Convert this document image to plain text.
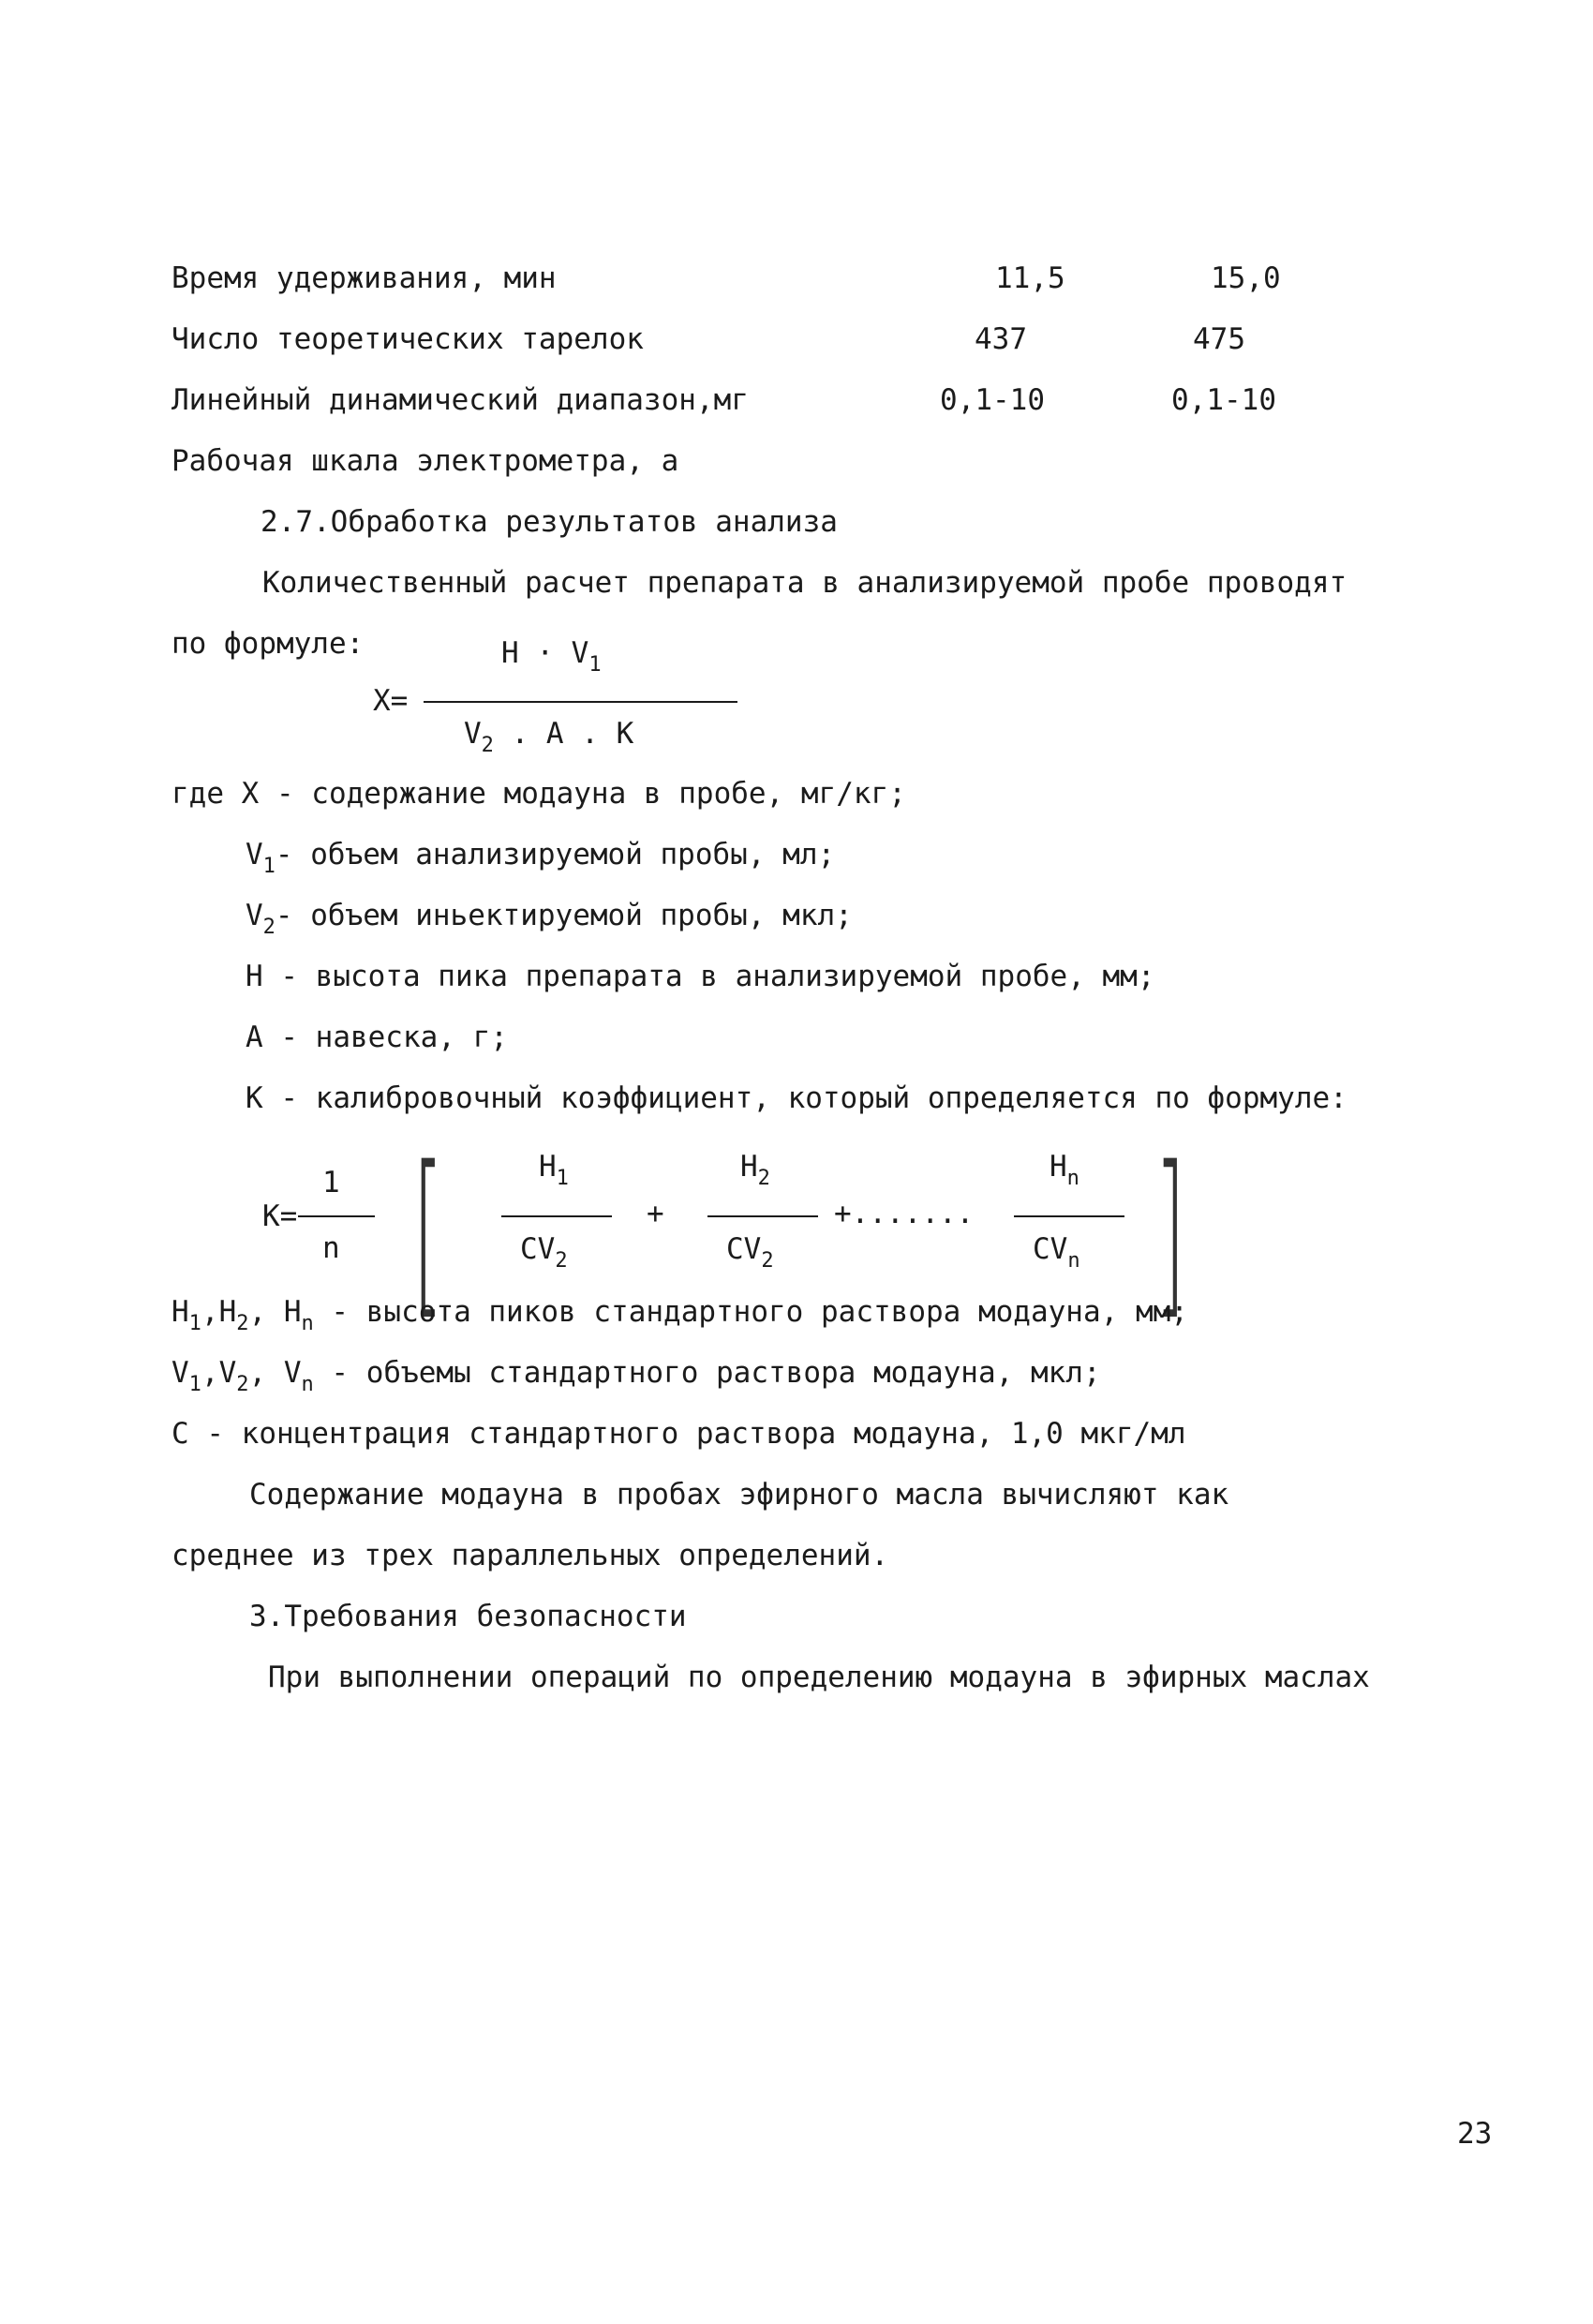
Время удерживания, мин	11,5	15,0
Число теоретических тарелок	437	475
Линейный динамический диапазон,мг	0,1-10	0,1-10
Рабочая шкала электрометра, а
2.7.Обработка результатов анализа
Количественный расчет препарата в анализируемой пробе проводят
по формуле:	$H \cdot V_1$
X=
$V_2$ . A . K
где X - содержание модауна в пробе, мг/кг;
$V_1-$ объем анализируемой пробы, мл;
$V_2-$ объем иньектируемой пробы, мкл;
H - высота пика препарата в анализируемой пробе, мм;
A - навеска, г;
K - калибровочный коэффициент, который определяется по формуле:
K=
1
n [	$H_1$
$CV_2$
+
$H_2$
$CV_2$
+.......
$H_n$
$CV_n$ ]
$H_1,H_2$, $H_n$ - высота пиков стандартного раствора модауна, мм;
$V_1,V_2$, $V_n$ - объемы стандартного раствора модауна, мкл;
C - концентрация стандартного раствора модауна, 1,0 мкг/мл
Содержание модауна в пробах эфирного масла вычисляют как
среднее из трех параллельных определений.
3.Требования безопасности
При выполнении операций по определению модауна в эфирных маслах
23
